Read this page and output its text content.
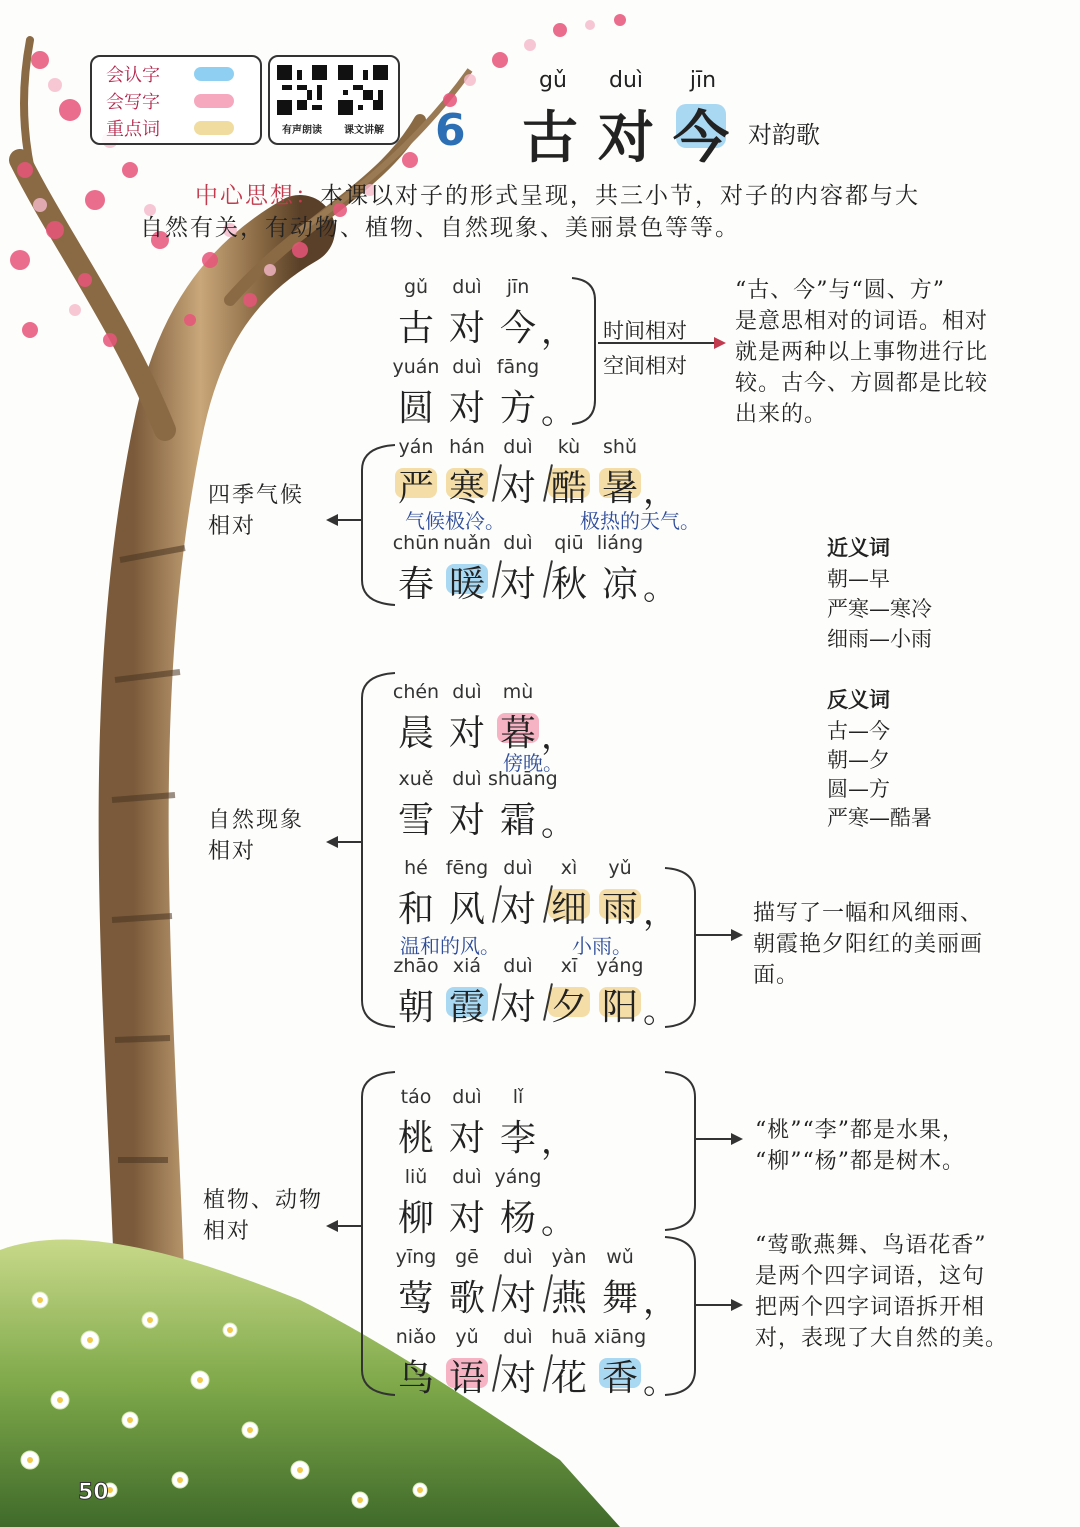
会认字
会写字
重点词	有声朗读	课文讲解 6
gǔ duì	jīn
古 对 今 对韵歌
中心思想：本课以对子的形式呈现，共三小节，对子的内容都与大
自然有关，有动物、植物、自然现象、美丽景色等等。
gǔ	duì	jīn
古 对 今 ，
yuán duì fāng
圆 对 方 。
yán hán duì	kù	shǔ
严 寒 对 酷 暑 ，
chūn nuǎn duì	qiū liáng
春 暖 对 秋 凉 。
chén duì	mù
晨 对 暮 ，
xuě duì shuāng
雪 对 霜 。
hé fēng duì	xì	yǔ
和 风 对 细 雨 ，
zhāo xiá	duì	xī	yáng
朝 霞 对 夕 阳 。
táo	duì	lǐ
桃 对 李 ，
liǔ	duì yáng
柳 对 杨 。
yīng gē	duì yàn	wǔ
莺 歌 对 燕 舞 ，
niǎo	yǔ	duì huā xiāng
鸟 语 对 花 香 。
时间相对
空间相对
气候极冷。	极热的天气。
傍晚。
温和的风。	小雨。
四季气候
相对
自然现象
相对
植物、动物
相对
“古、今”与“圆、方”
是意思相对的词语。相对
就是两种以上事物进行比
较。古今、方圆都是比较
出来的。
描写了一幅和风细雨、
朝霞艳夕阳红的美丽画
面。
“桃”“李”都是水果，
“柳”“杨”都是树木。
“莺歌燕舞、鸟语花香”
是两个四字词语，这句
把两个四字词语拆开相
对，表现了大自然的美。
近义词
朝—早
严寒—寒冷
细雨—小雨
反义词
古—今
朝—夕
圆—方
严寒—酷暑
50
